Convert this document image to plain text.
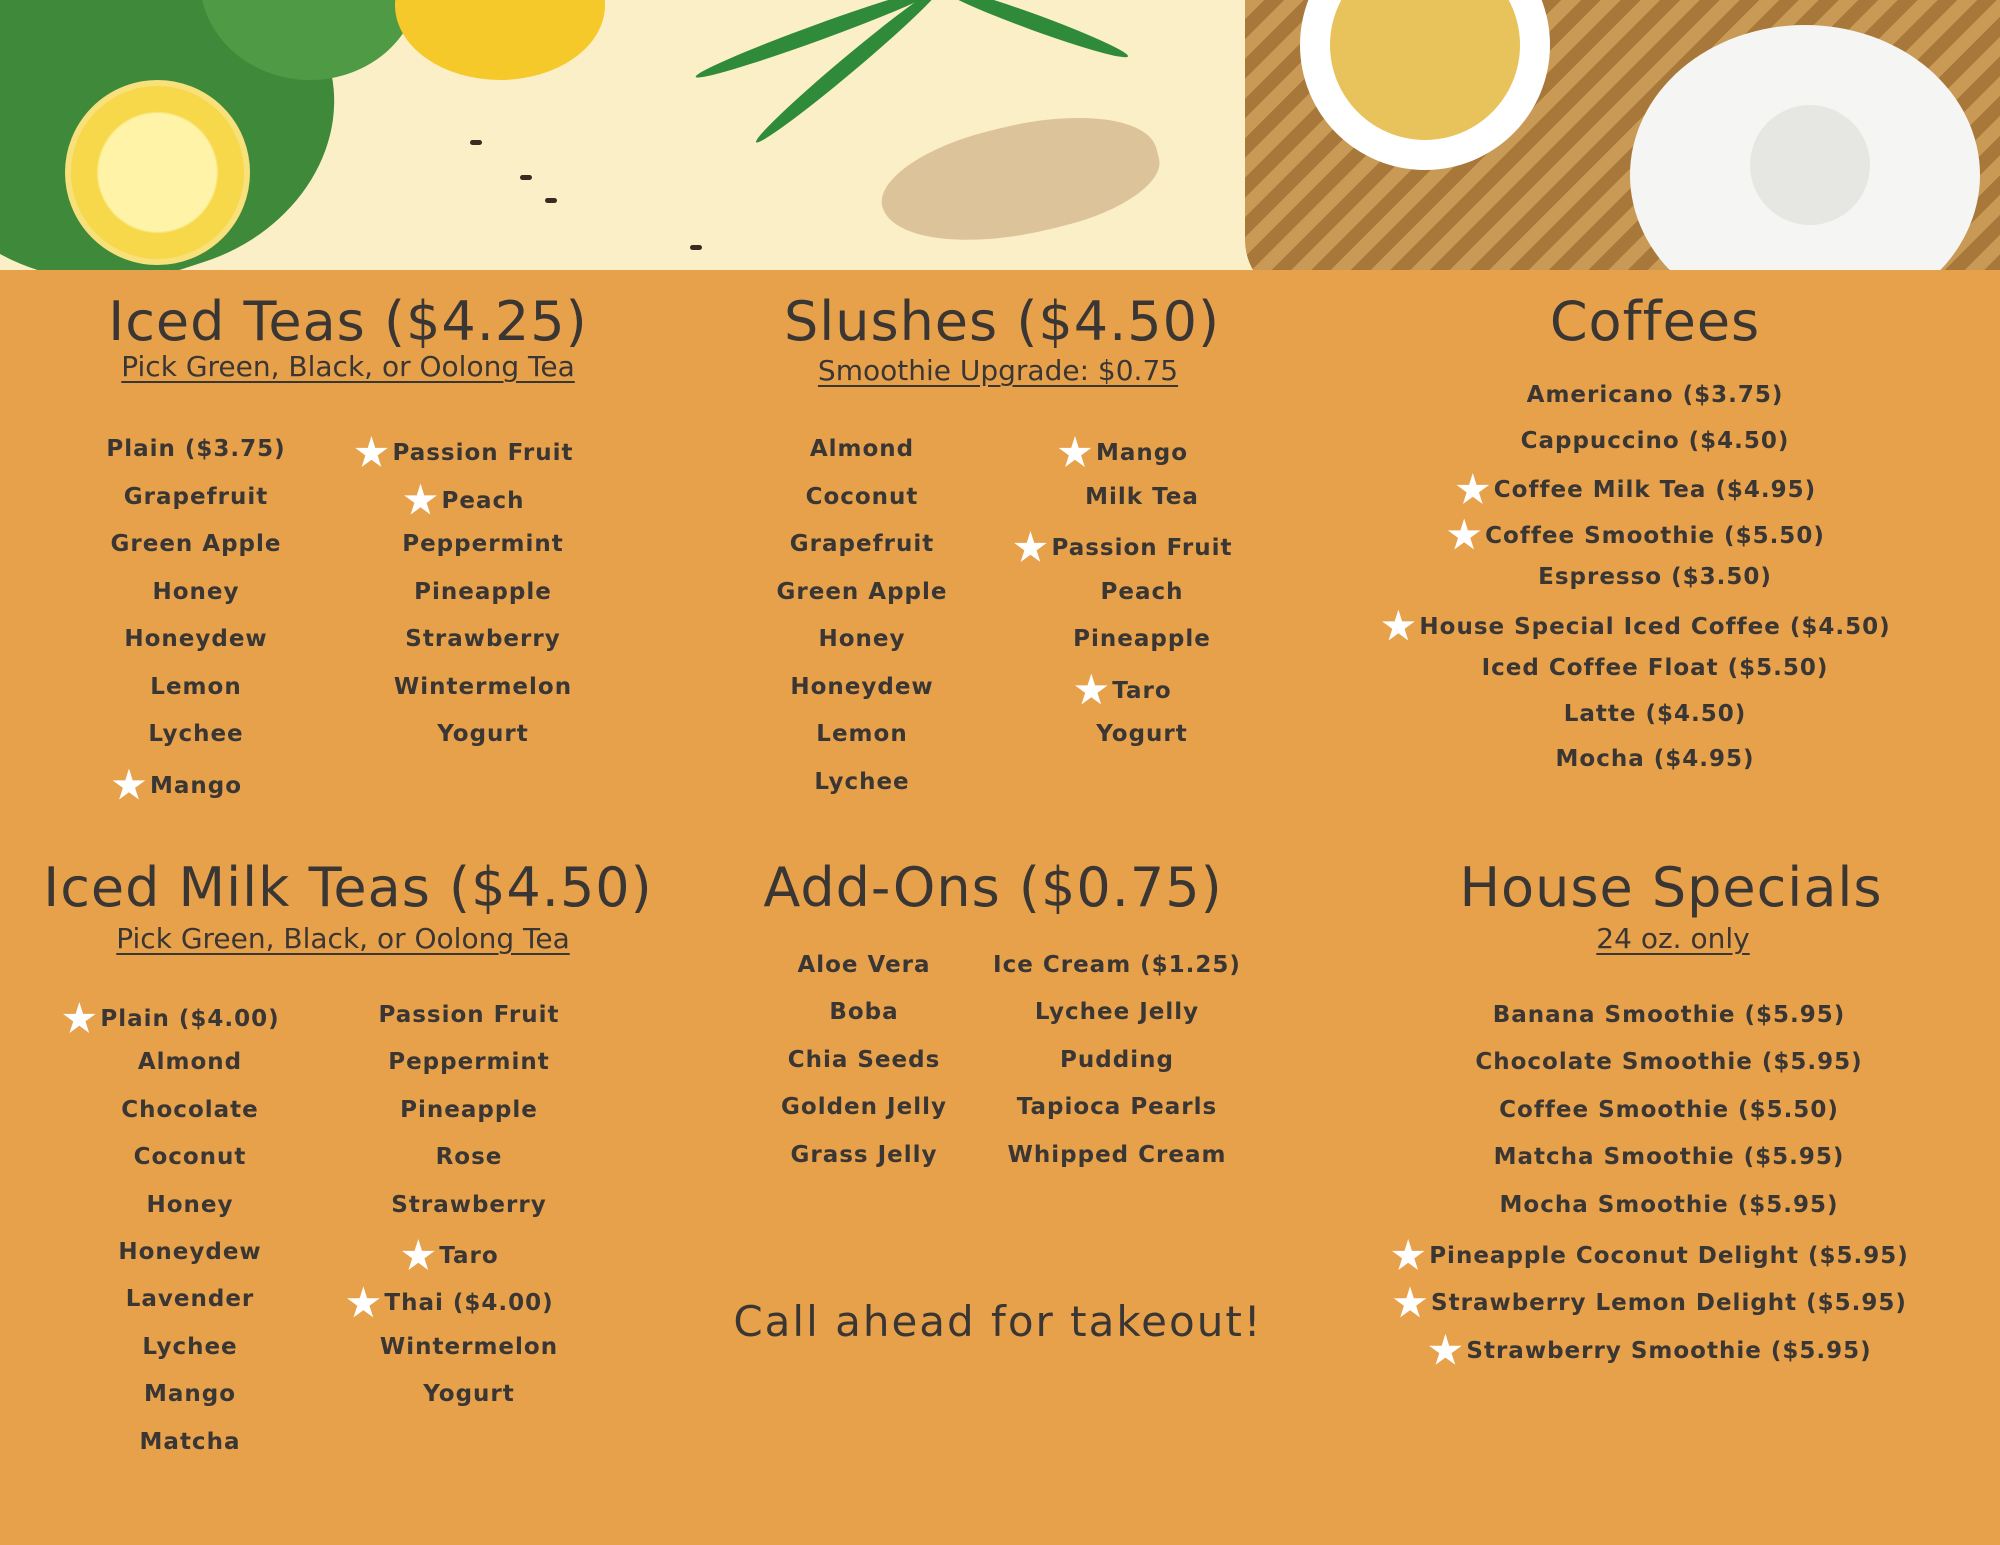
Iced Teas ($4.25)
Pick Green, Black, or Oolong Tea
Plain ($3.75)
Grapefruit
Green Apple
Honey
Honeydew
Lemon
Lychee
Mango
Passion Fruit
Peach
Peppermint
Pineapple
Strawberry
Wintermelon
Yogurt
Slushes ($4.50)
Smoothie Upgrade: $0.75
Almond
Coconut
Grapefruit
Green Apple
Honey
Honeydew
Lemon
Lychee
Mango
Milk Tea
Passion Fruit
Peach
Pineapple
Taro
Yogurt
Coffees
Americano ($3.75)
Cappuccino ($4.50)
Coffee Milk Tea ($4.95)
Coffee Smoothie ($5.50)
Espresso ($3.50)
House Special Iced Coffee ($4.50)
Iced Coffee Float ($5.50)
Latte ($4.50)
Mocha ($4.95)
Iced Milk Teas ($4.50)
Pick Green, Black, or Oolong Tea
Plain ($4.00)
Almond
Chocolate
Coconut
Honey
Honeydew
Lavender
Lychee
Mango
Matcha
Passion Fruit
Peppermint
Pineapple
Rose
Strawberry
Taro
Thai ($4.00)
Wintermelon
Yogurt
Add-Ons ($0.75)
Aloe Vera
Boba
Chia Seeds
Golden Jelly
Grass Jelly
Ice Cream ($1.25)
Lychee Jelly
Pudding
Tapioca Pearls
Whipped Cream
House Specials
24 oz. only
Banana Smoothie ($5.95)
Chocolate Smoothie ($5.95)
Coffee Smoothie ($5.50)
Matcha Smoothie ($5.95)
Mocha Smoothie ($5.95)
Pineapple Coconut Delight ($5.95)
Strawberry Lemon Delight ($5.95)
Strawberry Smoothie ($5.95)
Call ahead for takeout!
